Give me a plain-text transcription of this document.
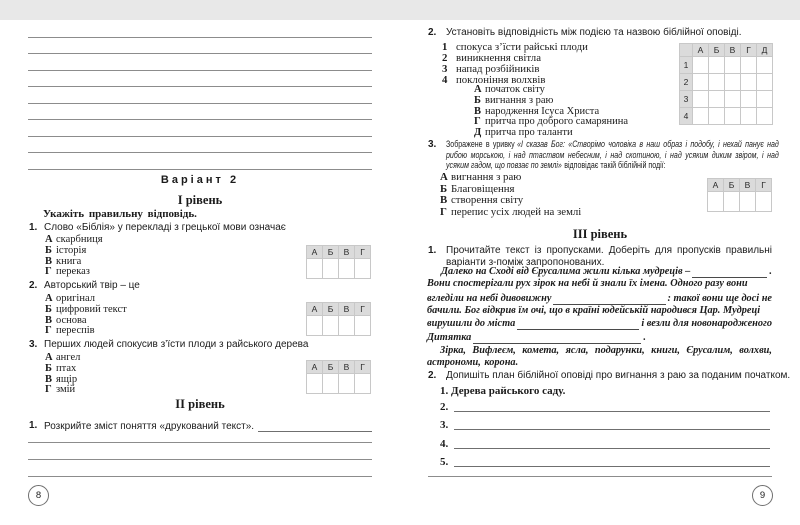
Варіант 2
І рівень
Укажіть правильну відповідь.
1. Слово «Біблія» у перекладі з грецької мови означає
А скарбниця
Б історія
В книга
Г переказ
А	Б	В	Г

2. Авторський твір – це
А оригінал
Б цифровий текст
В основа
Г переспів
А	Б	В	Г

3. Перших людей спокусив з’їсти плоди з райського дерева
А ангел
Б птах
В ящір
Г змій
А	Б	В	Г

ІІ рівень
1. Розкрийте зміст поняття «друкований текст».
8
2. Установіть відповідність між подією та назвою біблійної оповіді.
1 спокуса з’їсти райські плоди
2 виникнення світла
3 напад розбійників
4 поклоніння волхвів
А початок світу
Б вигнання з раю
В народження Ісуса Христа
Г притча про доброго самарянина
Д притча про таланти
	А	Б	В	Г	Д
1					
2					
3					
4					
3. Зображене в уривку «І сказав Бог: «Створімо чоловіка в наш образ і подобу, і нехай панує над рибою морською, і над птаством небесним, і над скотиною, і над усяким диким звіром, і над усяким гадом, що повзає по землі» відповідає такій біблійній події:
А вигнання з раю
Б Благовіщення
В створення світу
Г перепис усіх людей на землі
А	Б	В	Г

ІІІ рівень
1. Прочитайте текст із пропусками. Доберіть для пропусків правильні варіанти з-поміж запропонованих.
Далеко на Сході від Єрусалима жили кілька мудреців –	.
Вони спостерігали рух зірок на небі й знали їх імена. Одного разу вони
вгледіли на небі дивовижну	: такої вони ще досі не
бачили. Бог відкрив їм очі, що в країні юдейській народився Цар. Мудреці
вирушили до міста	і везли для новонародженого
Дитятка	.
Зірка, Вифлеєм, комета, ясла, подарунки, книги, Єрусалим, волхви, астрономи, корона.
2. Допишіть план біблійної оповіді про вигнання з раю за поданим початком.
1. Дерева райського саду.
2.
3.
4.
5.
9
